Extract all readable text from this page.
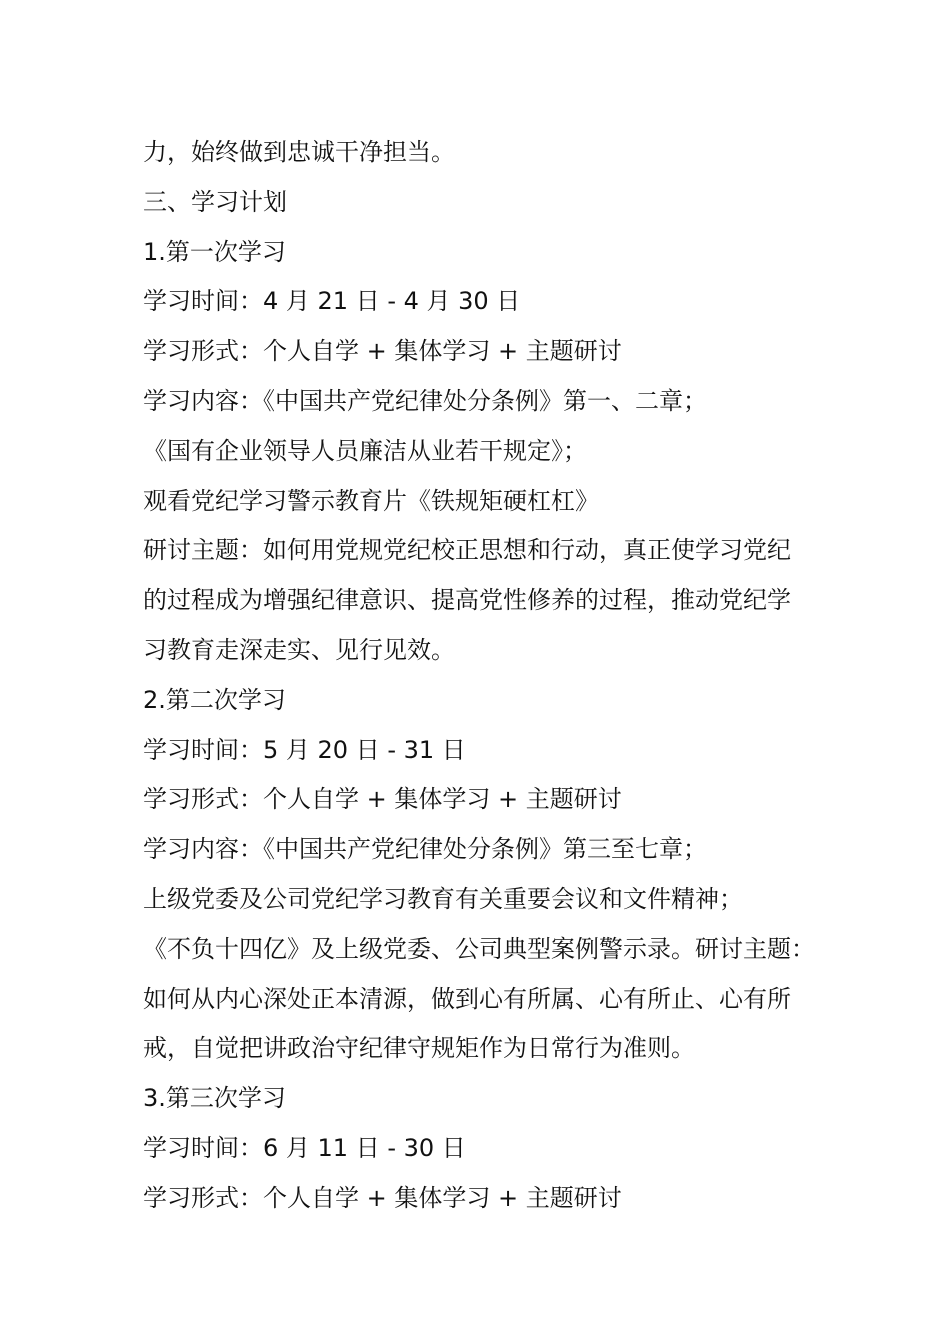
力，始终做到忠诚干净担当。
三、学习计划
1.第一次学习
学习时间：4 月 21 日 - 4 月 30 日
学习形式：个人自学 + 集体学习 + 主题研讨
学习内容：《中国共产党纪律处分条例》第一、二章；
《国有企业领导人员廉洁从业若干规定》；
观看党纪学习警示教育片《铁规矩硬杠杠》
研讨主题：如何用党规党纪校正思想和行动，真正使学习党纪
的过程成为增强纪律意识、提高党性修养的过程，推动党纪学
习教育走深走实、见行见效。
2.第二次学习
学习时间：5 月 20 日 - 31 日
学习形式：个人自学 + 集体学习 + 主题研讨
学习内容：《中国共产党纪律处分条例》第三至七章；
上级党委及公司党纪学习教育有关重要会议和文件精神；
《不负十四亿》及上级党委、公司典型案例警示录。研讨主题：
如何从内心深处正本清源，做到心有所属、心有所止、心有所
戒，自觉把讲政治守纪律守规矩作为日常行为准则。
3.第三次学习
学习时间：6 月 11 日 - 30 日
学习形式：个人自学 + 集体学习 + 主题研讨
